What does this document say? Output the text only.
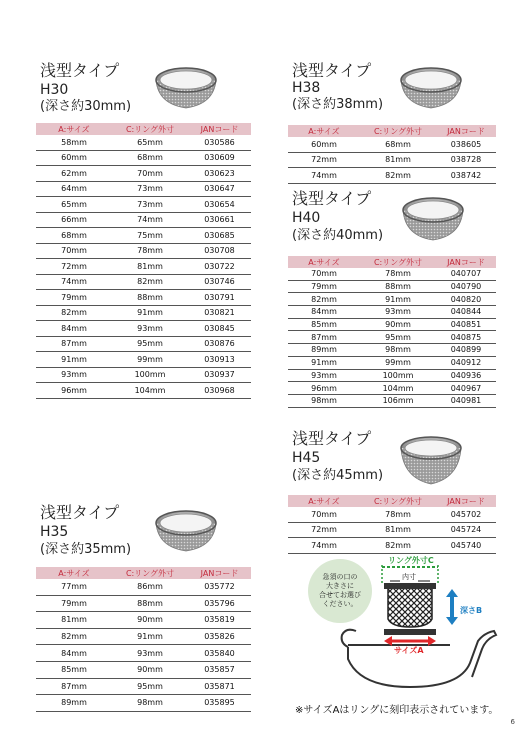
浅型タイプ
H30
(深さ約30mm)
A:サイズ	C:リング外寸	JANコード
58mm	65mm	030586
60mm	68mm	030609
62mm	70mm	030623
64mm	73mm	030647
65mm	73mm	030654
66mm	74mm	030661
68mm	75mm	030685
70mm	78mm	030708
72mm	81mm	030722
74mm	82mm	030746
79mm	88mm	030791
82mm	91mm	030821
84mm	93mm	030845
87mm	95mm	030876
91mm	99mm	030913
93mm	100mm	030937
96mm	104mm	030968
浅型タイプ
H38
(深さ約38mm)
A:サイズ	C:リング外寸	JANコード
60mm	68mm	038605
72mm	81mm	038728
74mm	82mm	038742
浅型タイプ
H40
(深さ約40mm)
A:サイズ	C:リング外寸	JANコード
70mm	78mm	040707
79mm	88mm	040790
82mm	91mm	040820
84mm	93mm	040844
85mm	90mm	040851
87mm	95mm	040875
89mm	98mm	040899
91mm	99mm	040912
93mm	100mm	040936
96mm	104mm	040967
98mm	106mm	040981
浅型タイプ
H45
(深さ約45mm)
A:サイズ	C:リング外寸	JANコード
70mm	78mm	045702
72mm	81mm	045724
74mm	82mm	045740
浅型タイプ
H35
(深さ約35mm)
A:サイズ	C:リング外寸	JANコード
77mm	86mm	035772
79mm	88mm	035796
81mm	90mm	035819
82mm	91mm	035826
84mm	93mm	035840
85mm	90mm	035857
87mm	95mm	035871
89mm	98mm	035895
急須の口の
大きさに
合せてお選び
ください。
リング外寸C
内寸
深さB
サイズA
※サイズAはリングに刻印表示されています。
6
